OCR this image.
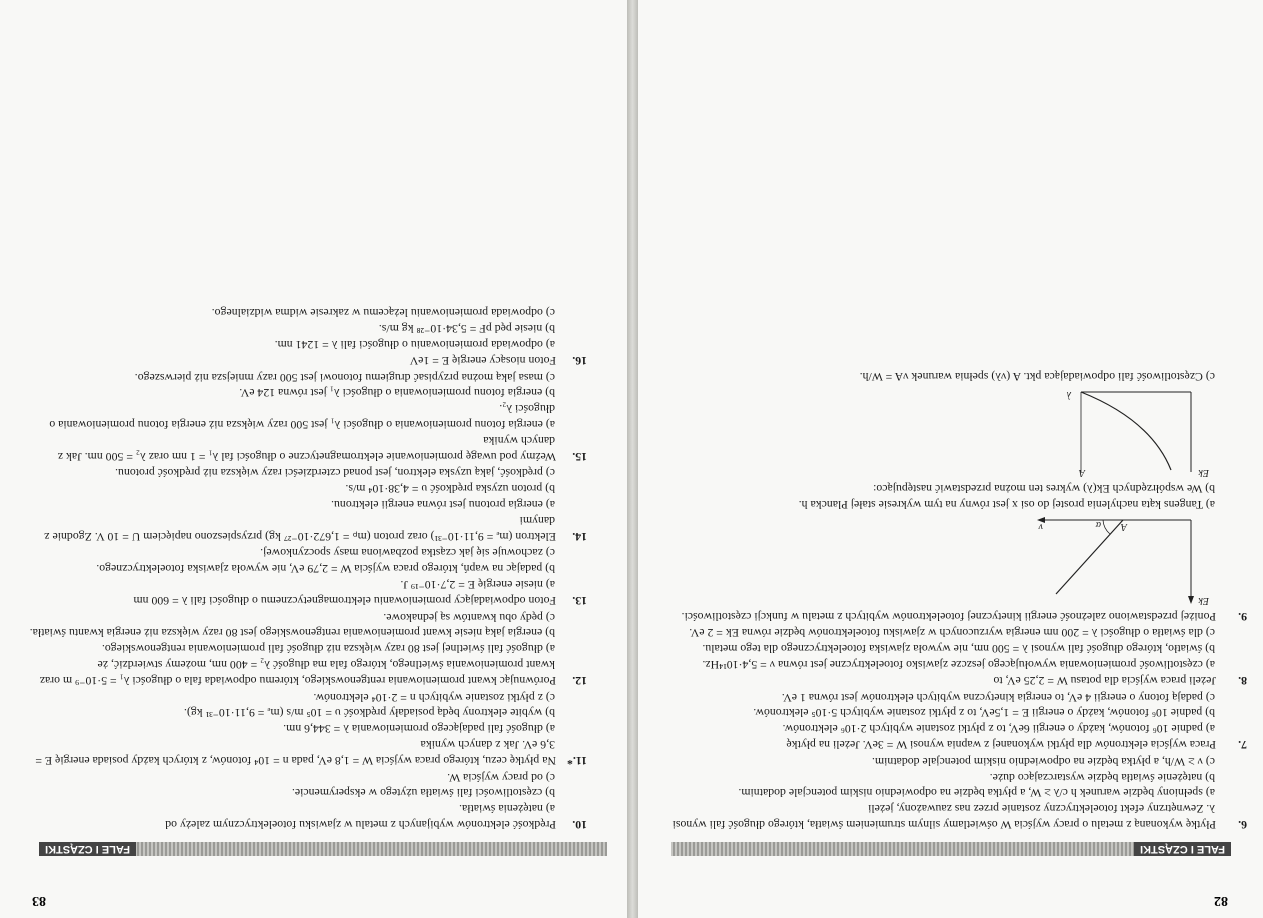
82
FALE I CZĄSTKI
6.Płytkę wykonaną z metalu o pracy wyjścia W oświetlamy silnym strumieniem światła, którego długość fali wynosi λ. Zewnętrzny efekt fotoelektryczny zostanie przez nas zauważony, jeżeli
a) spełniony będzie warunek h c/λ ≥ W, a płytka będzie na odpowiednio niskim potencjale dodatnim.
b) natężenie światła będzie wystarczająco duże.
c) ν ≥ W/h, a płytka będzie na odpowiednio niskim potencjale dodatnim.
7.Praca wyjścia elektronów dla płytki wykonanej z wapnia wynosi W = 3eV. Jeżeli na płytkę
a) padnie 10⁶ fotonów, każdy o energii 6eV, to z płytki zostanie wybitych 2·10⁶ elektronów.
b) padnie 10⁶ fotonów, każdy o energii E = 1,5eV, to z płytki zostanie wybitych 5·10⁵ elektronów.
c) padają fotony o energii 4 eV, to energia kinetyczna wybitych elektronów jest równa 1 eV.
8.Jeżeli praca wyjścia dla potasu W = 2,25 eV, to
a) częstotliwość promieniowania wywołującego jeszcze zjawisko fotoelektryczne jest równa ν = 5,4·10¹⁴Hz.
b) światło, którego długość fali wynosi λ = 500 nm, nie wywoła zjawiska fotoelektrycznego dla tego metalu.
c) dla światła o długości λ = 200 nm energia wyrzuconych w zjawisku fotoelektronów będzie równa Ek = 2 eV.
9.Poniżej przedstawiono zależność energii kinetycznej fotoelektronów wybitych z metalu w funkcji częstotliwości.
Ek
ν	A
α
a) Tangens kąta nachylenia prostej do osi x jest równy na tym wykresie stałej Plancka h.
b) We współrzędnych Ek(λ) wykres ten można przedstawić następująco:
Ek
λ
A
c) Częstotliwość fali odpowiadająca pkt. A (νλ) spełnia warunek νA = W/h.
83
FALE I CZĄSTKI
10.Prędkość elektronów wybijanych z metalu w zjawisku fotoelektrycznym zależy od
a) natężenia światła.
b) częstotliwości fali światła użytego w eksperymencie.
c) od pracy wyjścia W.
11.*Na płytkę cezu, którego praca wyjścia W = 1,8 eV, pada n = 10⁴ fotonów, z których każdy posiada energię E = 3,6 eV. Jak z danych wynika
a) długość fali padającego promieniowania λ = 344,6 nm.
b) wybite elektrony będą posiadały prędkość υ = 10⁵ m/s (mₑ = 9,11·10⁻³¹ kg).
c) z płytki zostanie wybitych n = 2·10⁴ elektronów.
12.Porównując kwant promieniowania rentgenowskiego, któremu odpowiada fala o długości λ₁ = 5·10⁻⁹ m oraz kwant promieniowania świetlnego, którego fala ma długość λ₂ = 400 nm, możemy stwierdzić, że
a) długość fali świetlnej jest 80 razy większa niż długość fali promieniowania rentgenowskiego.
b) energia jaką niesie kwant promieniowania rentgenowskiego jest 80 razy większa niż energia kwantu światła.
c) pędy obu kwantów są jednakowe.
13.Foton odpowiadający promieniowaniu elektromagnetycznemu o długości fali λ = 600 nm
a) niesie energię E = 2,7·10⁻¹⁹ J.
b) padając na wapń, którego praca wyjścia W = 2,79 eV, nie wywoła zjawiska fotoelektrycznego.
c) zachowuje się jak cząstka pozbawiona masy spoczynkowej.
14.Elektron (mₑ = 9,11·10⁻³¹) oraz proton (mₚ = 1,672·10⁻²⁷ kg) przyspieszono napięciem U = 10 V. Zgodnie z danymi
a) energia protonu jest równa energii elektronu.
b) proton uzyska prędkość υ = 4,38·10⁴ m/s.
c) prędkość, jaką uzyska elektron, jest ponad czterdzieści razy większa niż prędkość protonu.
15.Weźmy pod uwagę promieniowanie elektromagnetyczne o długości fal λ₁ = 1 nm oraz λ₂ = 500 nm. Jak z danych wynika
a) energia fotonu promieniowania o długości λ₁ jest 500 razy większa niż energia fotonu promieniowania o długości λ₂.
b) energia fotonu promieniowania o długości λ₁ jest równa 124 eV.
c) masa jaką można przypisać drugiemu fotonowi jest 500 razy mniejsza niż pierwszego.
16.Foton niosący energię E = 1eV
a) odpowiada promieniowaniu o długości fali λ = 1241 nm.
b) niesie pęd pF = 5,34·10⁻²⁸ kg m/s.
c) odpowiada promieniowaniu leżącemu w zakresie widma widzialnego.
